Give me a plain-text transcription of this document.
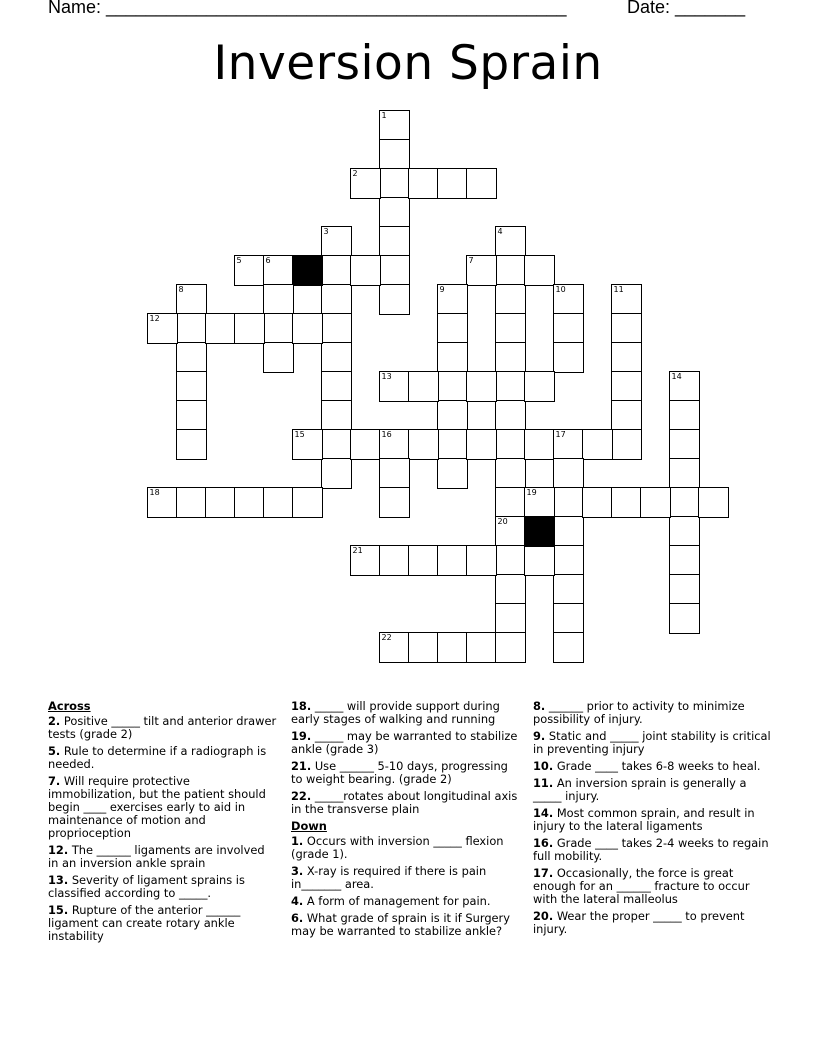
Name: ______________________________________________	Date: _______
Inversion Sprain
1
2
3	4
20
5	6	7
8	9	10	11
12
13	14
15	16	17
18	19
21
22
Across
2. Positive _____ tilt and anterior drawer tests (grade 2)
5. Rule to determine if a radiograph is needed.
7. Will require protective immobilization, but the patient should begin ____ exercises early to aid in maintenance of motion and proprioception
12. The ______ ligaments are involved in an inversion ankle sprain
13. Severity of ligament sprains is classified according to _____.
15. Rupture of the anterior ______ ligament can create rotary ankle instability
18. _____ will provide support during early stages of walking and running
19. _____ may be warranted to stabilize ankle (grade 3)
21. Use ______ 5-10 days, progressing to weight bearing. (grade 2)
22. _____rotates about longitudinal axis in the transverse plain
Down
1. Occurs with inversion _____ flexion (grade 1).
3. X-ray is required if there is pain in_______ area.
4. A form of management for pain.
6. What grade of sprain is it if Surgery may be warranted to stabilize ankle?
8. ______ prior to activity to minimize possibility of injury.
9. Static and _____ joint stability is critical in preventing injury
10. Grade ____ takes 6-8 weeks to heal.
11. An inversion sprain is generally a _____ injury.
14. Most common sprain, and result in injury to the lateral ligaments
16. Grade ____ takes 2-4 weeks to regain full mobility.
17. Occasionally, the force is great enough for an ______ fracture to occur with the lateral malleolus
20. Wear the proper _____ to prevent injury.
